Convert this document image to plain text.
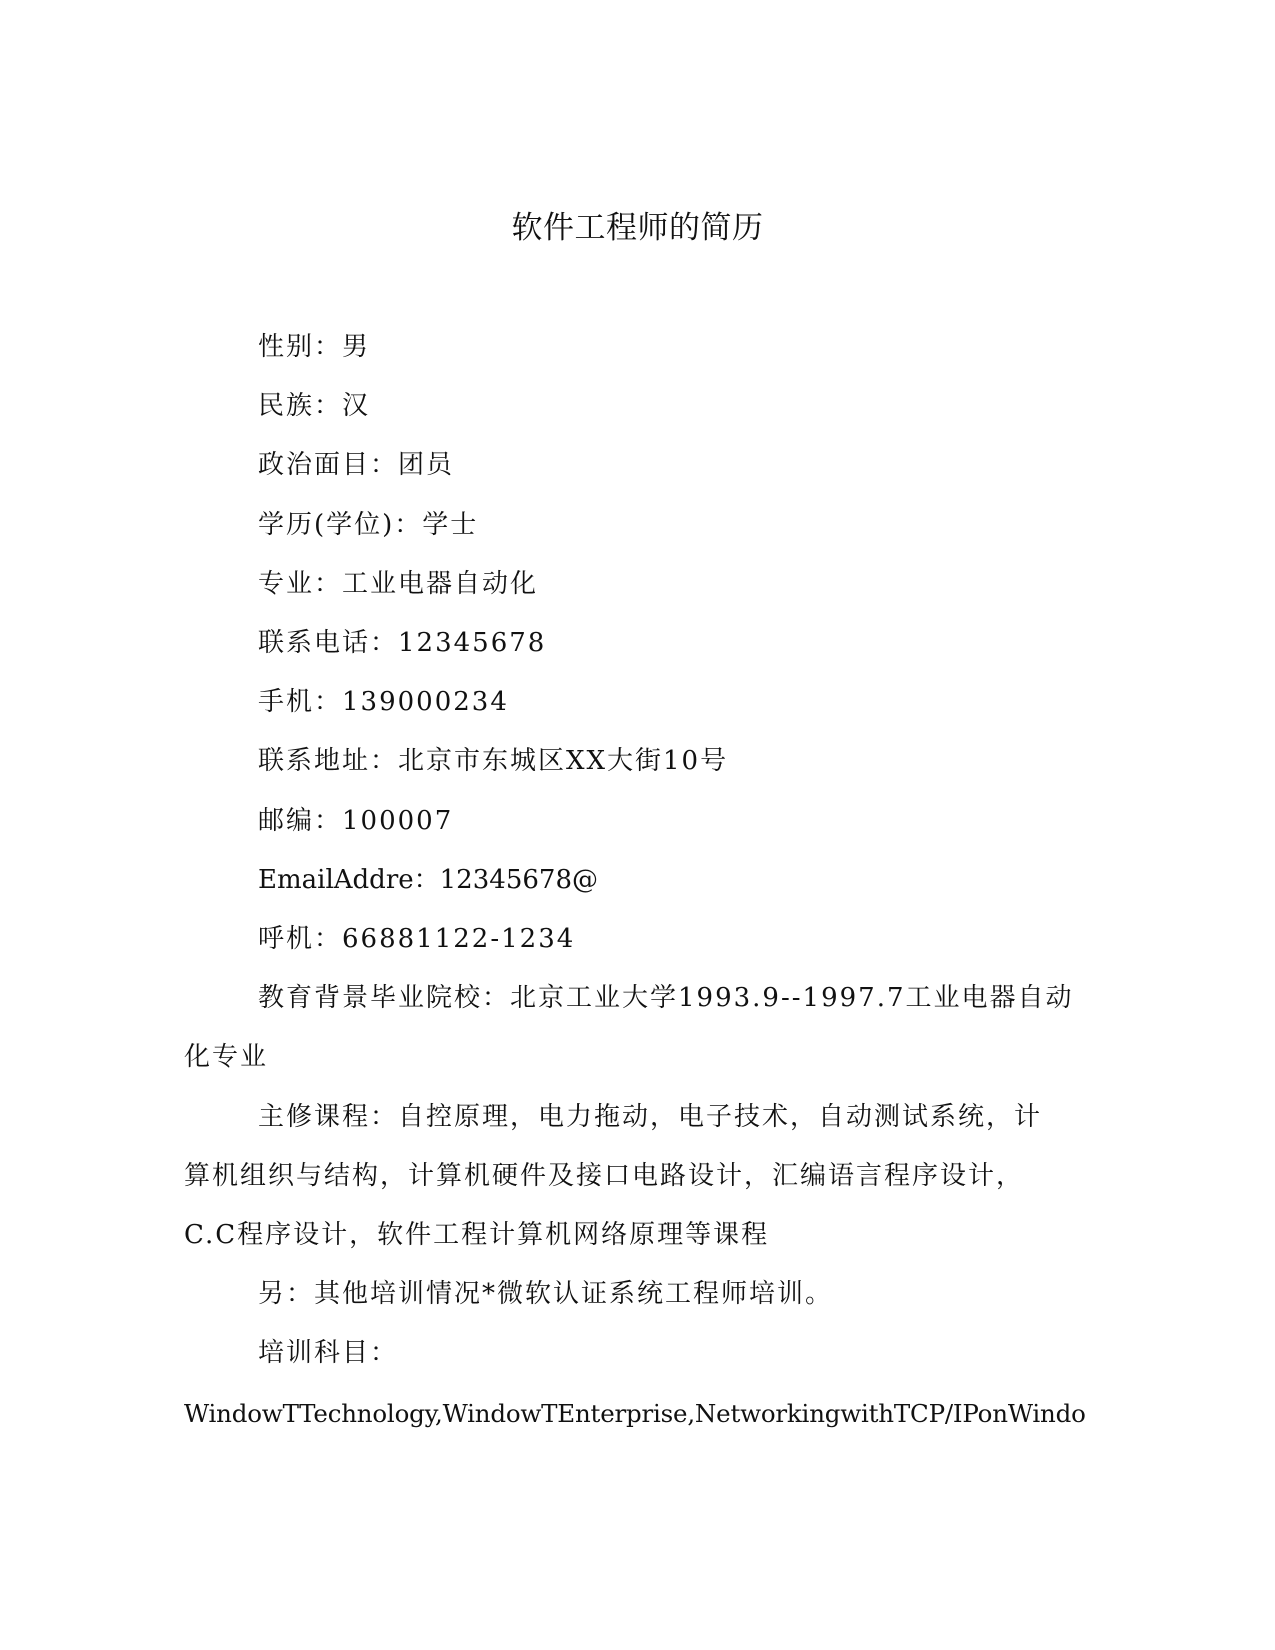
软件工程师的简历

性别：男

民族：汉

政治面目：团员

学历(学位)：学士

专业：工业电器自动化

联系电话：12345678

手机：139000234

联系地址：北京市东城区XX大街10号

邮编：100007

EmailAddre：12345678@

呼机：66881122-1234

教育背景毕业院校：北京工业大学1993.9--1997.7工业电器自动

化专业

主修课程：自控原理，电力拖动，电子技术，自动测试系统，计

算机组织与结构，计算机硬件及接口电路设计，汇编语言程序设计，

C.C程序设计，软件工程计算机网络原理等课程

另：其他培训情况*微软认证系统工程师培训。

培训科目：

WindowTTechnology,WindowTEnterprise,NetworkingwithTCP/IPonWindo
